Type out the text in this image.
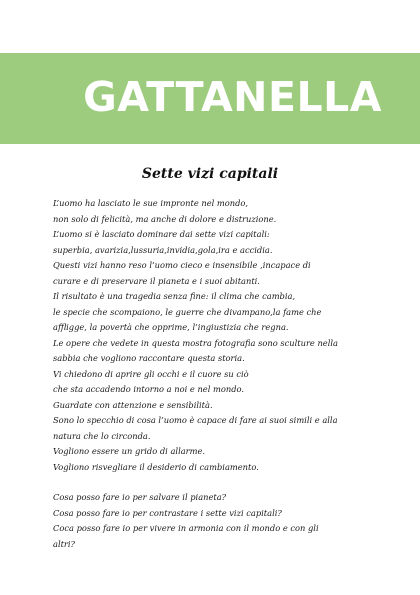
GATTANELLA
Sette vizi capitali
L’uomo ha lasciato le sue impronte nel mondo,
non solo di felicità, ma anche di dolore e distruzione.
L’uomo si è lasciato dominare dai sette vizi capitali:
superbia, avarizia,lussuria,invidia,gola,ira e accidia.
Questi vizi hanno reso l’uomo cieco e insensibile ,incapace di
curare e di preservare il pianeta e i suoi abitanti.
Il risultato è una tragedia senza fine: il clima che cambia,
le specie che scompaiono, le guerre che divampano,la fame che
affligge, la povertà che opprime, l’ingiustizia che regna.
Le opere che vedete in questa mostra fotografia sono sculture nella
sabbia che vogliono raccontare questa storia.
Vi chiedono di aprire gli occhi e il cuore su ciò
che sta accadendo intorno a noi e nel mondo.
Guardate con attenzione e sensibilità.
Sono lo specchio di cosa l’uomo è capace di fare ai suoi simili e alla
natura che lo circonda.
Vogliono essere un grido di allarme.
Vogliono risvegliare il desiderio di cambiamento.
Cosa posso fare io per salvare il pianeta?
Cosa posso fare io per contrastare i sette vizi capitali?
Coca posso fare io per vivere in armonia con il mondo e con gli
altri?
